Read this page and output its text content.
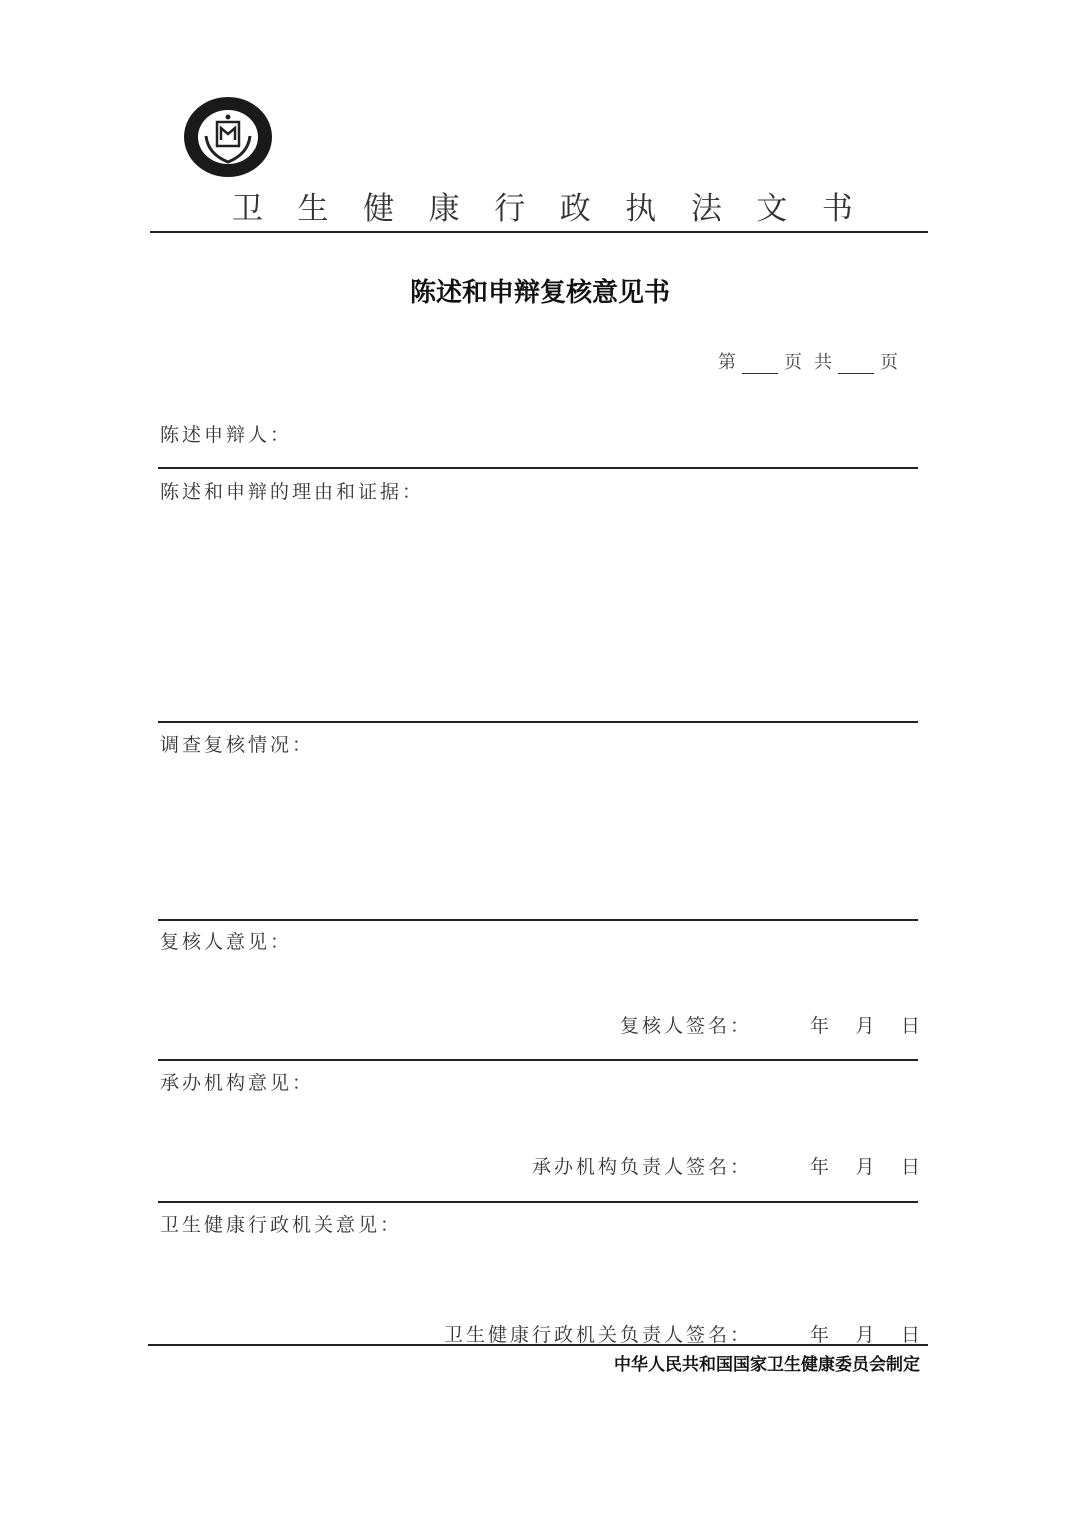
卫 生 健 康 行 政 执 法 文 书
陈述和申辩复核意见书
第	页 共	页
陈述申辩人：
陈述和申辩的理由和证据：
调查复核情况：
复核人意见：
复核人签名：	年 月 日
承办机构意见：
承办机构负责人签名：	年 月 日
卫生健康行政机关意见：
卫生健康行政机关负责人签名：	年 月 日
中华人民共和国国家卫生健康委员会制定
